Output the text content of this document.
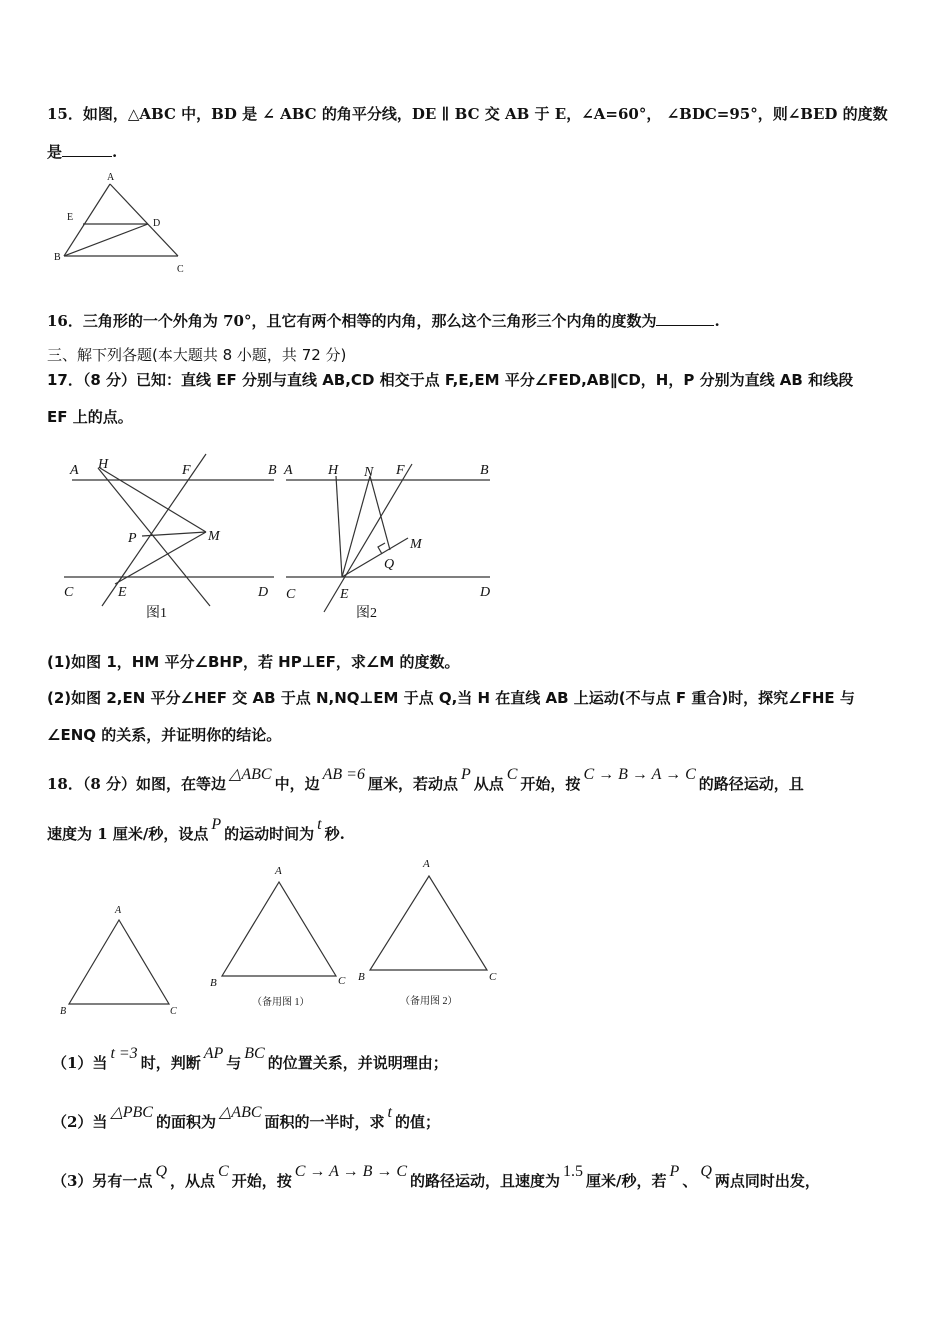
15．如图，△ABC 中，BD 是 ∠ ABC 的角平分线，DE ∥ BC 交 AB 于 E，∠A=60°， ∠BDC=95°，则∠BED 的度数
是	.
A
B
C
D
E
16．三角形的一个外角为 70°，且它有两个相等的内角，那么这个三角形三个内角的度数为	.
三、解下列各题(本大题共 8 小题，共 72 分)
17．（8 分）已知：直线 EF 分别与直线 AB,CD 相交于点 F,E,EM 平分∠FED,AB∥CD，H，P 分别为直线 AB 和线段
EF 上的点。
A H	F	B
P	M
C	E	D
图1
A	H N F	B
M
Q
C	E	D
图2
(1)如图 1，HM 平分∠BHP，若 HP⊥EF，求∠M 的度数。
(2)如图 2,EN 平分∠HEF 交 AB 于点 N,NQ⊥EM 于点 Q,当 H 在直线 AB 上运动(不与点 F 重合)时，探究∠FHE 与
∠ENQ 的关系，并证明你的结论。
18．（8 分）如图，在等边△ABC中，边AB =6厘米，若动点P从点C开始，按C → B → A → C的路径运动，且
速度为 1 厘米/秒，设点P的运动时间为t秒.
A
B	C
A
B	C
（备用图 1）
A
B	C
（备用图 2）
（1）当t =3时，判断AP与BC的位置关系，并说明理由；
（2）当△PBC的面积为△ABC面积的一半时，求t的值；
（3）另有一点Q，从点C开始，按C → A → B → C的路径运动，且速度为1.5厘米/秒，若P、Q两点同时出发，
